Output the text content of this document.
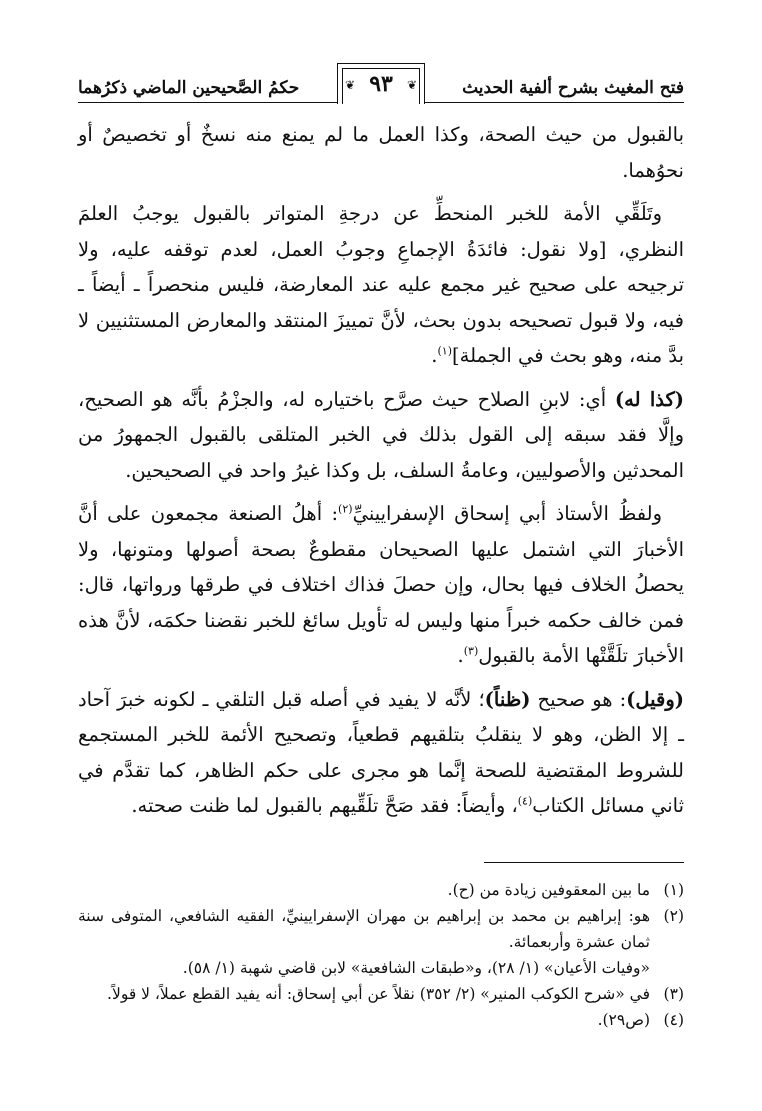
فتح المغيث بشرح ألفية الحديث
❦
٩٣
❦
حكمُ الصَّحيحين الماضي ذكرُهما

بالقبول من حيث الصحة، وكذا العمل ما لم يمنع منه نسخٌ أو تخصيصٌ أو نحوُهما.

وتَلَقِّي الأمة للخبر المنحطِّ عن درجةِ المتواتر بالقبول يوجبُ العلمَ النظري، [ولا نقول: فائدَةُ الإجماعِ وجوبُ العمل، لعدم توقفه عليه، ولا ترجيحه على صحيح غير مجمع عليه عند المعارضة، فليس منحصراً ـ أيضاً ـ فيه، ولا قبول تصحيحه بدون بحث، لأنَّ تمييزَ المنتقد والمعارض المستثنيين لا بدَّ منه، وهو بحث في الجملة]$^{(١)}$.

(كذا له) أي: لابنِ الصلاح حيث صرَّح باختياره له، والجزْمُ بأنَّه هو الصحيح، وإلَّا فقد سبقه إلى القول بذلك في الخبر المتلقى بالقبول الجمهورُ من المحدثين والأصوليين، وعامةُ السلف، بل وكذا غيرُ واحد في الصحيحين.

ولفظُ الأستاذ أبي إسحاق الإسفرايينيِّ$^{(٢)}$: أهلُ الصنعة مجمعون على أنَّ الأخبارَ التي اشتمل عليها الصحيحان مقطوعٌ بصحة أصولها ومتونها، ولا يحصلُ الخلاف فيها بحال، وإن حصلَ فذاك اختلاف في طرقها ورواتها، قال: فمن خالف حكمه خبراً منها وليس له تأويل سائغ للخبر نقضنا حكمَه، لأنَّ هذه الأخبارَ تلَقَّتْها الأمة بالقبول$^{(٣)}$.

(وقيل): هو صحيح (ظناً)؛ لأنَّه لا يفيد في أصله قبل التلقي ـ لكونه خبرَ آحاد ـ إلا الظن، وهو لا ينقلبُ بتلقيهم قطعياً، وتصحيح الأئمة للخبر المستجمع للشروط المقتضية للصحة إنَّما هو مجرى على حكم الظاهر، كما تقدَّم في ثاني مسائل الكتاب$^{(٤)}$، وأيضاً: فقد صَحَّ تلَقِّيهم بالقبول لما ظنت صحته.

(١)
ما بين المعقوفين زيادة من (ح).
(٢)
هو: إبراهيم بن محمد بن إبراهيم بن مهران الإسفرايينيِّ، الفقيه الشافعي، المتوفى سنة ثمان عشرة وأربعمائة.
«وفيات الأعيان» (١/ ٢٨)، و«طبقات الشافعية» لابن قاضي شهبة (١/ ٥٨).
(٣)
في «شرح الكوكب المنير» (٢/ ٣٥٢) نقلاً عن أبي إسحاق: أنه يفيد القطع عملاً، لا قولاً.
(٤)
(ص٢٩).
